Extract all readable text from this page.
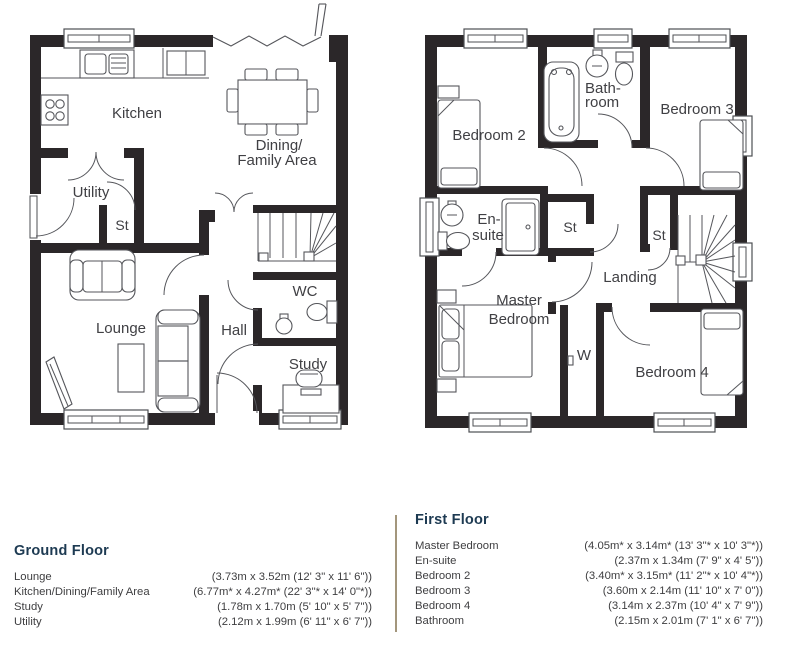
Kitchen
Dining/
Family Area
Utility
St
Lounge	Hall
WC
Study
Bedroom 2
Bath-
room	Bedroom 3
En-
suite	St	St
Landing
Master
Bedroom
W
Bedroom 4
Ground Floor
Lounge	(3.73m x 3.52m (12' 3" x 11' 6"))
Kitchen/Dining/Family Area	(6.77m* x 4.27m* (22' 3"* x 14' 0"*))
Study	(1.78m x 1.70m (5' 10" x 5' 7"))
Utility	(2.12m x 1.99m (6' 11" x 6' 7"))
First Floor
Master Bedroom	(4.05m* x 3.14m* (13' 3"* x 10' 3"*))
En-suite	(2.37m x 1.34m (7' 9" x 4' 5"))
Bedroom 2	(3.40m* x 3.15m* (11' 2"* x 10' 4"*))
Bedroom 3	(3.60m x 2.14m (11' 10" x 7' 0"))
Bedroom 4	(3.14m x 2.37m (10' 4" x 7' 9"))
Bathroom	(2.15m x 2.01m (7' 1" x 6' 7"))
